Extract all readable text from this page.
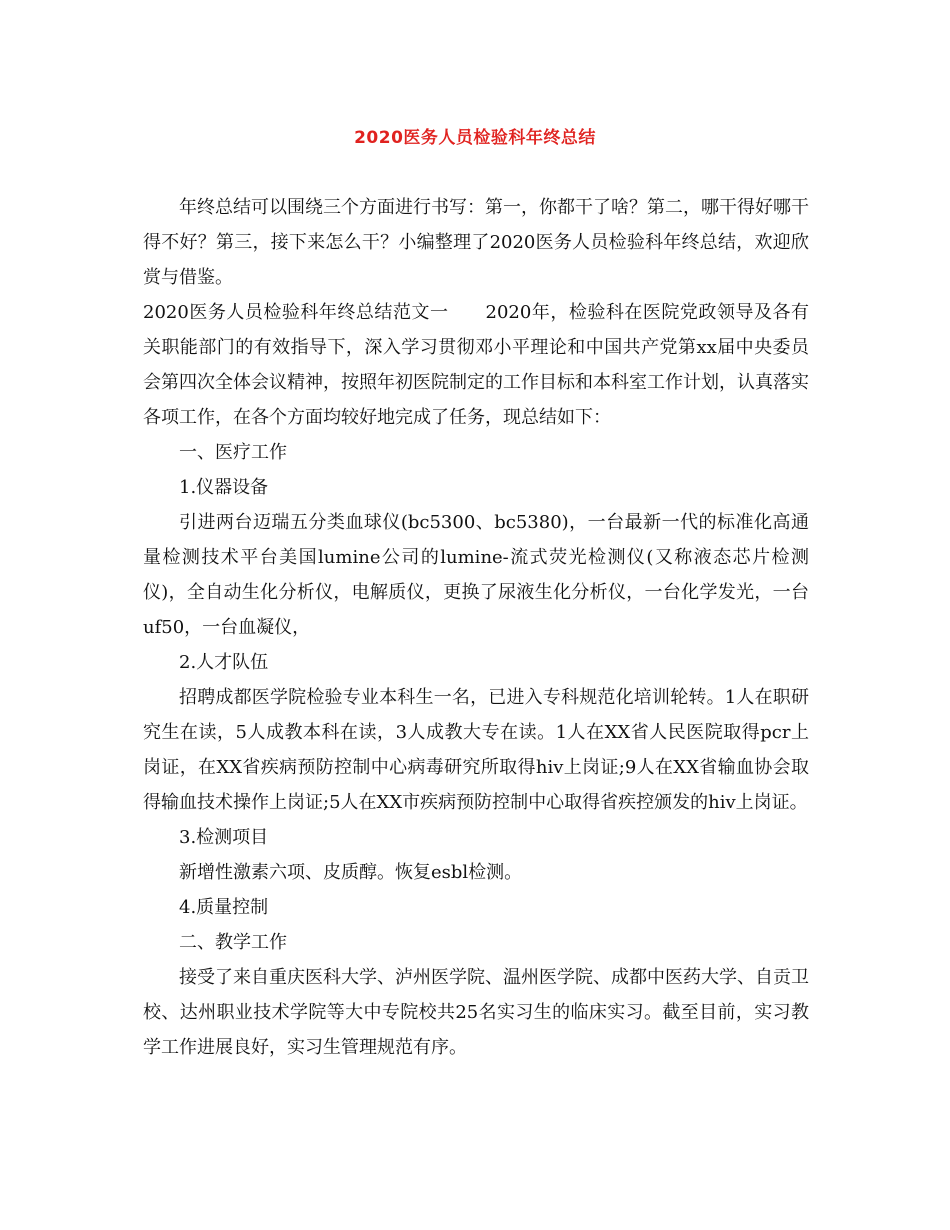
2020医务人员检验科年终总结

年终总结可以围绕三个方面进行书写：第一，你都干了啥？第二，哪干得好哪干得不好？第三，接下来怎么干？小编整理了2020医务人员检验科年终总结，欢迎欣赏与借鉴。

2020医务人员检验科年终总结范文一　　2020年，检验科在医院党政领导及各有关职能部门的有效指导下，深入学习贯彻邓小平理论和中国共产党第xx届中央委员会第四次全体会议精神，按照年初医院制定的工作目标和本科室工作计划，认真落实各项工作，在各个方面均较好地完成了任务，现总结如下：

一、医疗工作

1.仪器设备

引进两台迈瑞五分类血球仪(bc5300、bc5380)，一台最新一代的标准化高通量检测技术平台美国lumine公司的lumine-流式荧光检测仪(又称液态芯片检测仪)，全自动生化分析仪，电解质仪，更换了尿液生化分析仪，一台化学发光，一台uf50，一台血凝仪，

2.人才队伍

招聘成都医学院检验专业本科生一名，已进入专科规范化培训轮转。1人在职研究生在读，5人成教本科在读，3人成教大专在读。1人在XX省人民医院取得pcr上岗证，在XX省疾病预防控制中心病毒研究所取得hiv上岗证;9人在XX省输血协会取得输血技术操作上岗证;5人在XX市疾病预防控制中心取得省疾控颁发的hiv上岗证。

3.检测项目

新增性激素六项、皮质醇。恢复esbl检测。

4.质量控制

二、教学工作

接受了来自重庆医科大学、泸州医学院、温州医学院、成都中医药大学、自贡卫校、达州职业技术学院等大中专院校共25名实习生的临床实习。截至目前，实习教学工作进展良好，实习生管理规范有序。
